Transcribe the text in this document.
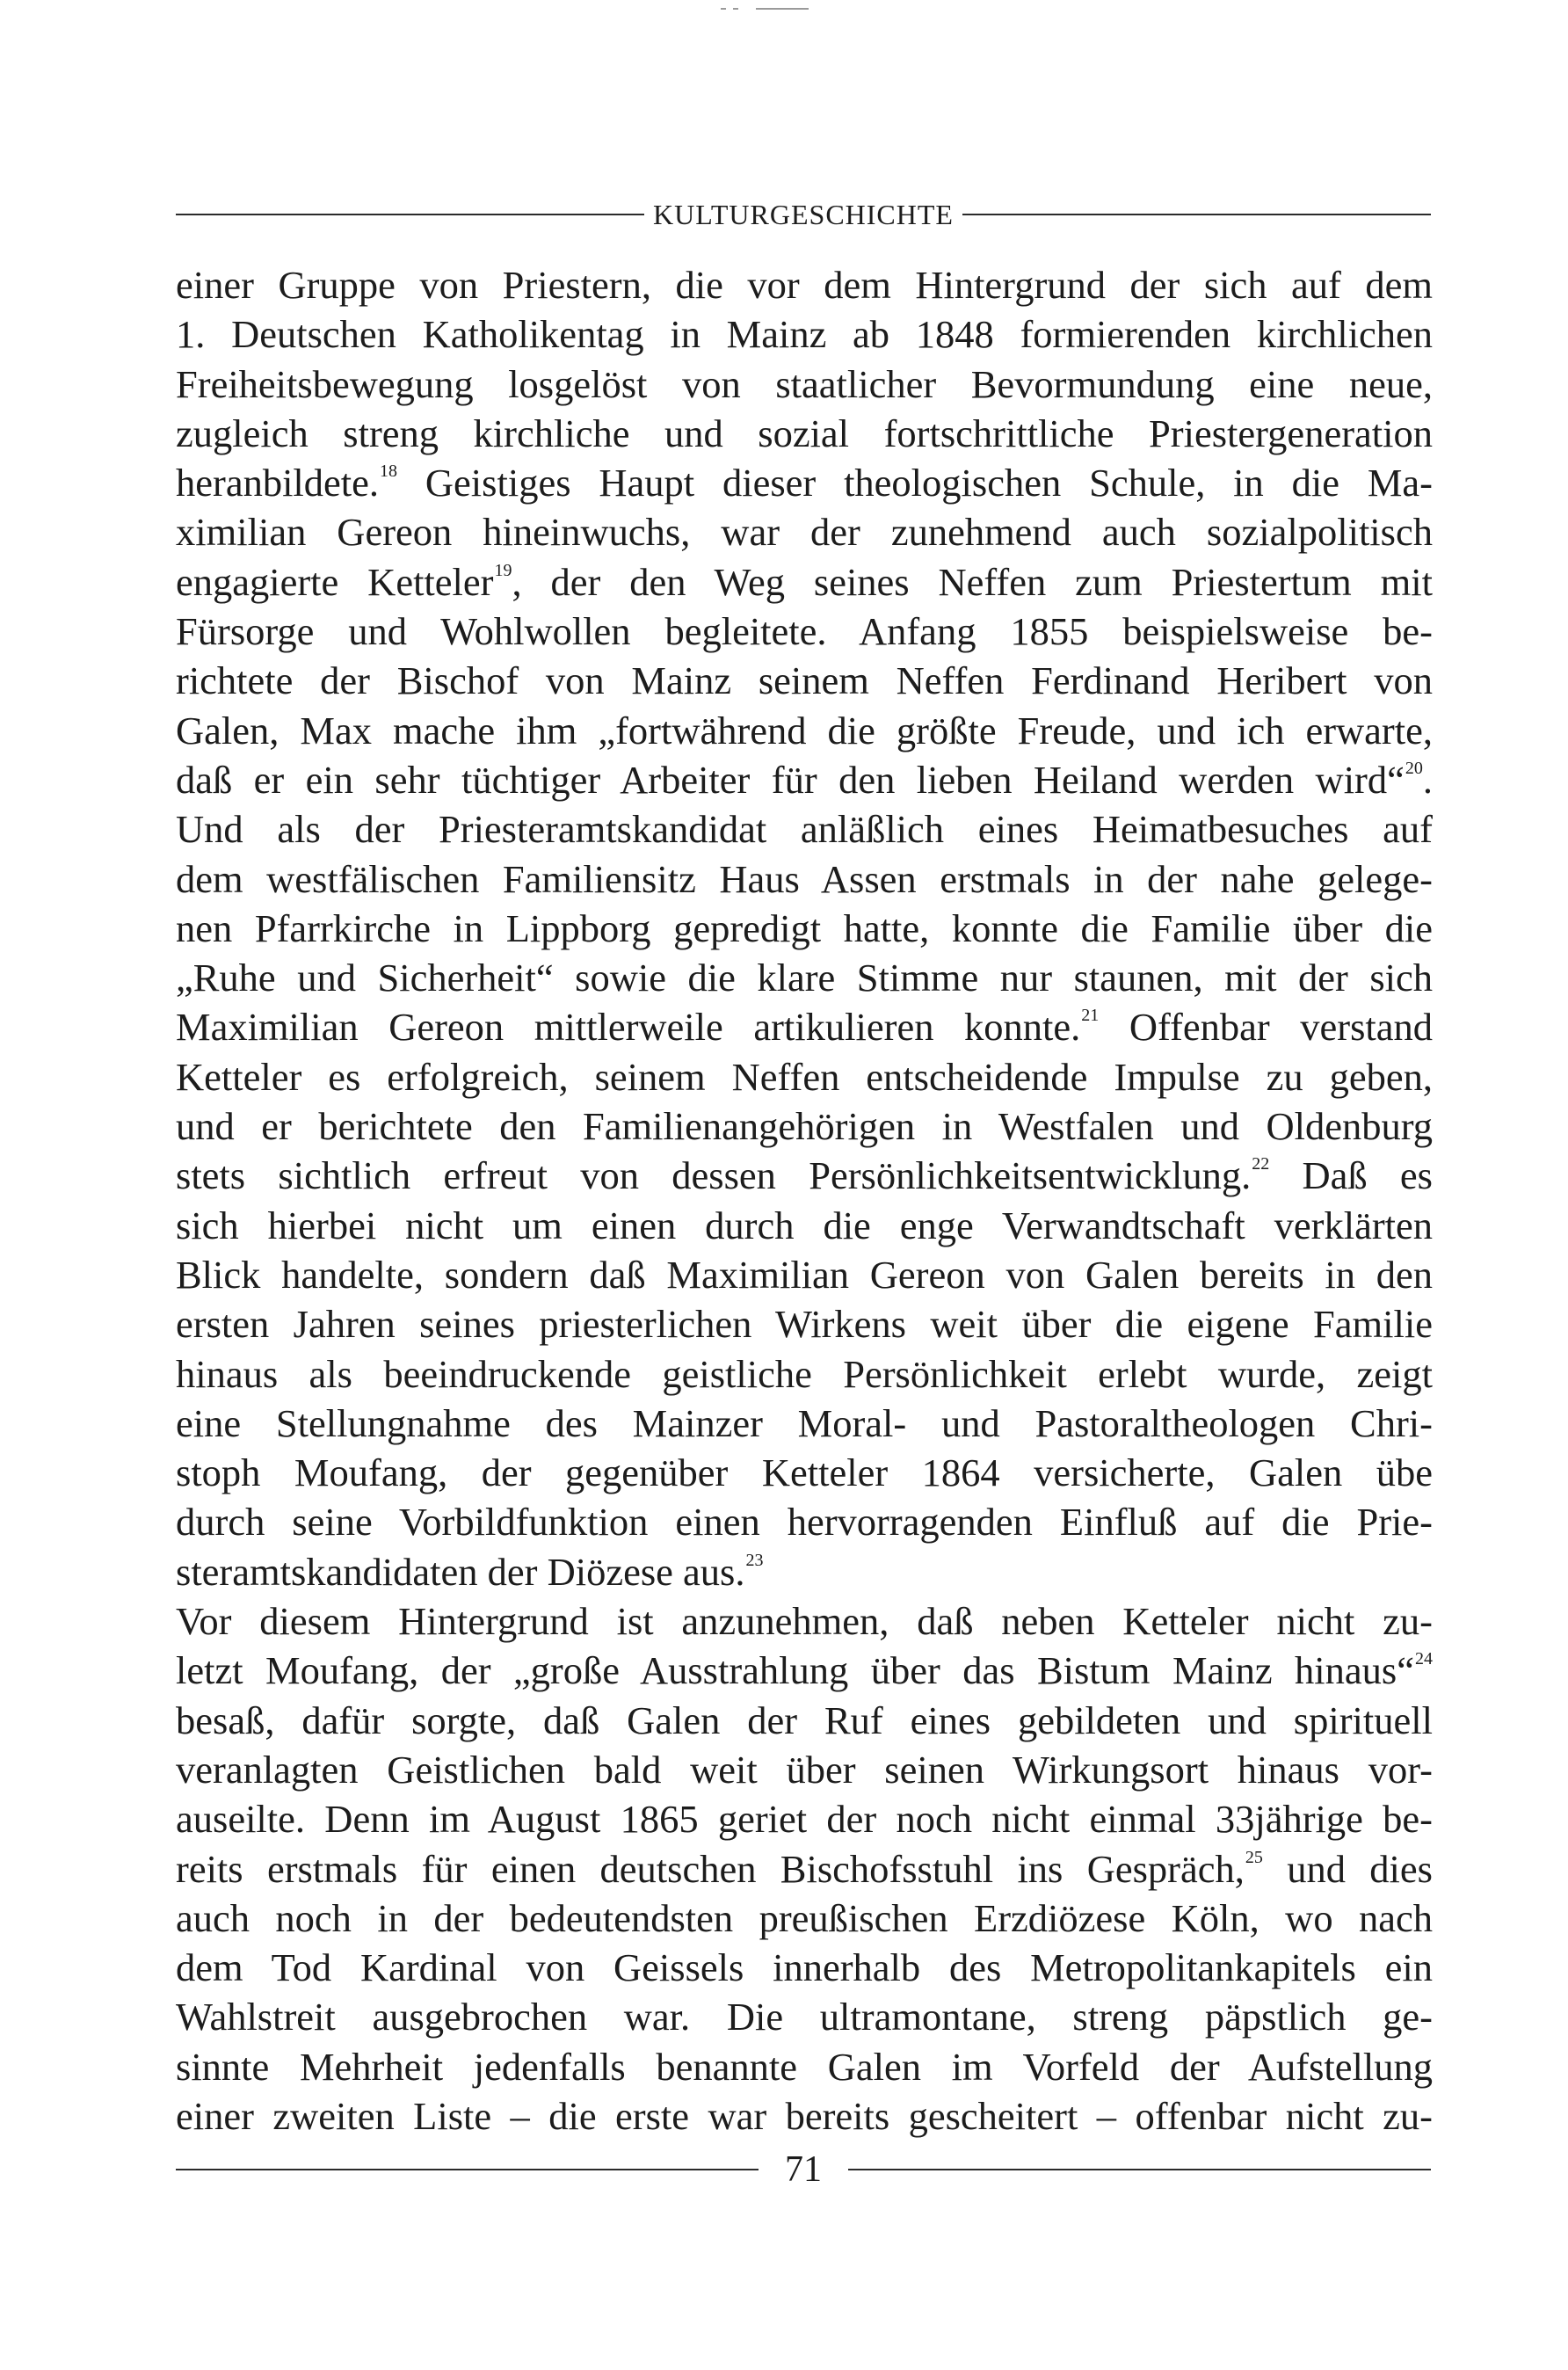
KULTURGESCHICHTE
einer Gruppe von Priestern, die vor dem Hintergrund der sich auf dem
1. Deutschen Katholikentag in Mainz ab 1848 formierenden kirchlichen
Freiheitsbewegung losgelöst von staatlicher Bevormundung eine neue,
zugleich streng kirchliche und sozial fortschrittliche Priestergeneration
heranbildete.$^{18}$ Geistiges Haupt dieser theologischen Schule, in die Ma-
ximilian Gereon hineinwuchs, war der zunehmend auch sozialpolitisch
engagierte Ketteler$^{19}$, der den Weg seines Neffen zum Priestertum mit
Fürsorge und Wohlwollen begleitete. Anfang 1855 beispielsweise be-
richtete der Bischof von Mainz seinem Neffen Ferdinand Heribert von
Galen, Max mache ihm „fortwährend die größte Freude, und ich erwarte,
daß er ein sehr tüchtiger Arbeiter für den lieben Heiland werden wird“$^{20}$.
Und als der Priesteramtskandidat anläßlich eines Heimatbesuches auf
dem westfälischen Familiensitz Haus Assen erstmals in der nahe gelege-
nen Pfarrkirche in Lippborg gepredigt hatte, konnte die Familie über die
„Ruhe und Sicherheit“ sowie die klare Stimme nur staunen, mit der sich
Maximilian Gereon mittlerweile artikulieren konnte.$^{21}$ Offenbar verstand
Ketteler es erfolgreich, seinem Neffen entscheidende Impulse zu geben,
und er berichtete den Familienangehörigen in Westfalen und Oldenburg
stets sichtlich erfreut von dessen Persönlichkeitsentwicklung.$^{22}$ Daß es
sich hierbei nicht um einen durch die enge Verwandtschaft verklärten
Blick handelte, sondern daß Maximilian Gereon von Galen bereits in den
ersten Jahren seines priesterlichen Wirkens weit über die eigene Familie
hinaus als beeindruckende geistliche Persönlichkeit erlebt wurde, zeigt
eine Stellungnahme des Mainzer Moral- und Pastoraltheologen Chri-
stoph Moufang, der gegenüber Ketteler 1864 versicherte, Galen übe
durch seine Vorbildfunktion einen hervorragenden Einfluß auf die Prie-
steramtskandidaten der Diözese aus.$^{23}$
Vor diesem Hintergrund ist anzunehmen, daß neben Ketteler nicht zu-
letzt Moufang, der „große Ausstrahlung über das Bistum Mainz hinaus“$^{24}$
besaß, dafür sorgte, daß Galen der Ruf eines gebildeten und spirituell
veranlagten Geistlichen bald weit über seinen Wirkungsort hinaus vor-
auseilte. Denn im August 1865 geriet der noch nicht einmal 33jährige be-
reits erstmals für einen deutschen Bischofsstuhl ins Gespräch,$^{25}$ und dies
auch noch in der bedeutendsten preußischen Erzdiözese Köln, wo nach
dem Tod Kardinal von Geissels innerhalb des Metropolitankapitels ein
Wahlstreit ausgebrochen war. Die ultramontane, streng päpstlich ge-
sinnte Mehrheit jedenfalls benannte Galen im Vorfeld der Aufstellung
einer zweiten Liste – die erste war bereits gescheitert – offenbar nicht zu-
71
